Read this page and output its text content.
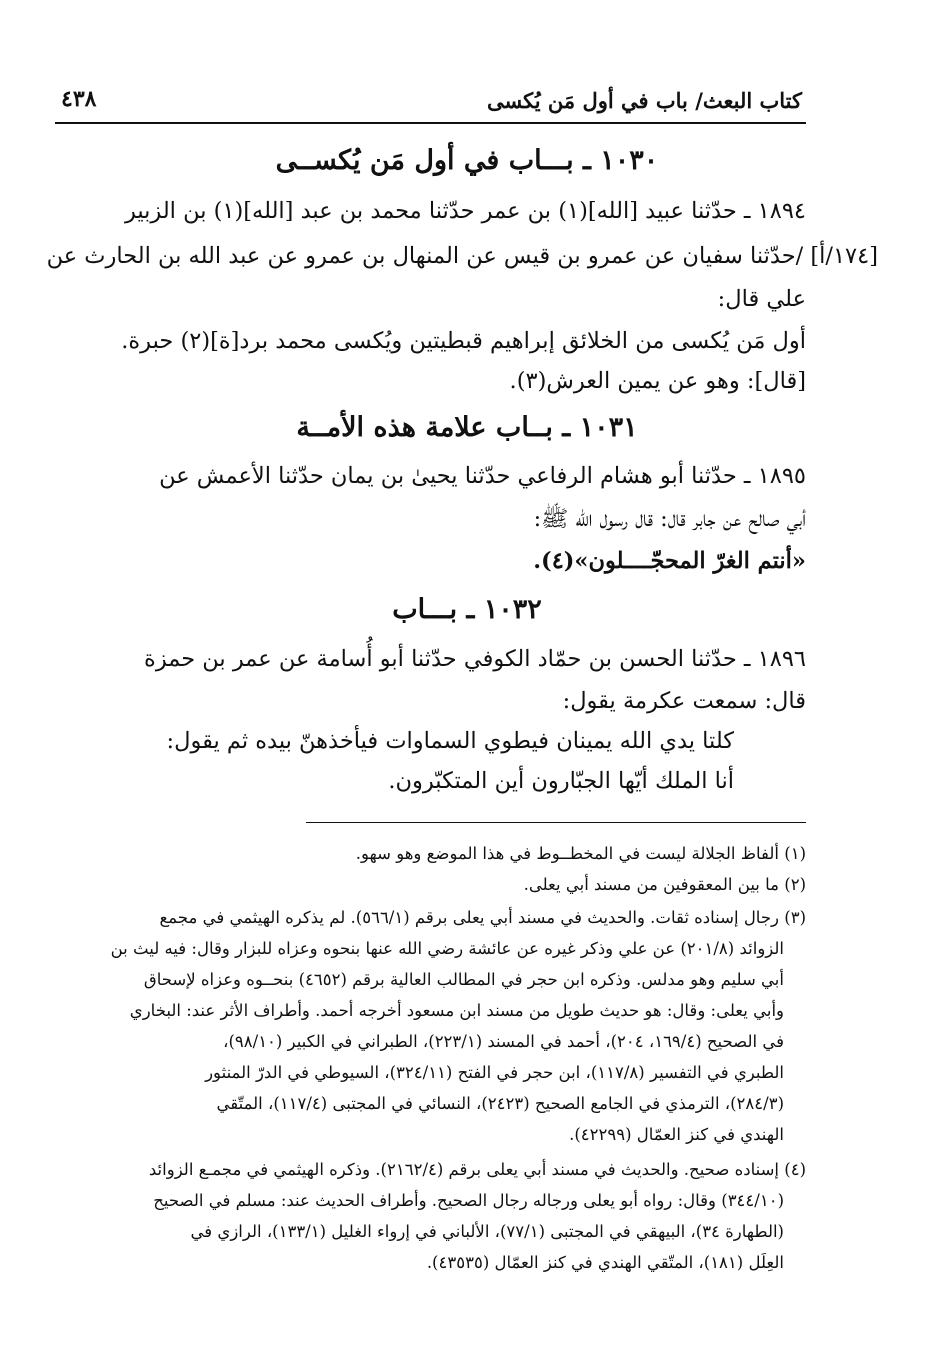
كتاب البعث/ باب في أول مَن يُكسى
٤٣٨
١٠٣٠ ـ بـــاب في أول مَن يُكســى
١٨٩٤ ـ حدّثنا عبيد [الله](١) بن عمر حدّثنا محمد بن عبد [الله](١) بن الزبير
[١٧٤/أ] /حدّثنا سفيان عن عمرو بن قيس عن المنهال بن عمرو عن عبد الله بن الحارث عن
علي قال:
أول مَن يُكسى من الخلائق إبراهيم قبطيتين ويُكسى محمد برد[ة](٢) حبرة.
[قال]: وهو عن يمين العرش(٣).
١٠٣١ ـ بــاب علامة هذه الأمــة
١٨٩٥ ـ حدّثنا أبو هشام الرفاعي حدّثنا يحيىٰ بن يمان حدّثنا الأعمش عن
أبي صالح عن جابر قال: قال رسول الله ﷺ:
«أنتم الغرّ المحجّــــلون»(٤).
١٠٣٢ ـ بـــاب
١٨٩٦ ـ حدّثنا الحسن بن حمّاد الكوفي حدّثنا أبو أُسامة عن عمر بن حمزة
قال: سمعت عكرمة يقول:
كلتا يدي الله يمينان فيطوي السماوات فيأخذهنّ بيده ثم يقول:
أنا الملك أيّها الجبّارون أين المتكبّرون.
(١) ألفاظ الجلالة ليست في المخطــوط في هذا الموضع وهو سهو.
(٢) ما بين المعقوفين من مسند أبي يعلى.
(٣) رجال إسناده ثقات. والحديث في مسند أبي يعلى برقم (٥٦٦/١). لم يذكره الهيثمي في مجمع
الزوائد (٢٠١/٨) عن علي وذكر غيره عن عائشة رضي الله عنها بنحوه وعزاه للبزار وقال: فيه ليث بن
أبي سليم وهو مدلس. وذكره ابن حجر في المطالب العالية برقم (٤٦٥٢) بنحــوه وعزاه لإسحاق
وأبي يعلى: وقال: هو حديث طويل من مسند ابن مسعود أخرجه أحمد. وأطراف الأثر عند: البخاري
في الصحيح (١٦٩/٤، ٢٠٤)، أحمد في المسند (٢٢٣/١)، الطبراني في الكبير (٩٨/١٠)،
الطبري في التفسير (١١٧/٨)، ابن حجر في الفتح (٣٢٤/١١)، السيوطي في الدرّ المنثور
(٢٨٤/٣)، الترمذي في الجامع الصحيح (٢٤٢٣)، النسائي في المجتبى (١١٧/٤)، المتّقي
الهندي في كنز العمّال (٤٢٢٩٩).
(٤) إسناده صحيح. والحديث في مسند أبي يعلى برقم (٢١٦٢/٤). وذكره الهيثمي في مجمـع الزوائد
(٣٤٤/١٠) وقال: رواه أبو يعلى ورجاله رجال الصحيح. وأطراف الحديث عند: مسلم في الصحيح
(الطهارة ٣٤)، البيهقي في المجتبى (٧٧/١)، الألباني في إرواء الغليل (١٣٣/١)، الرازي في
العِلَل (١٨١)، المتّقي الهندي في كنز العمّال (٤٣٥٣٥).
